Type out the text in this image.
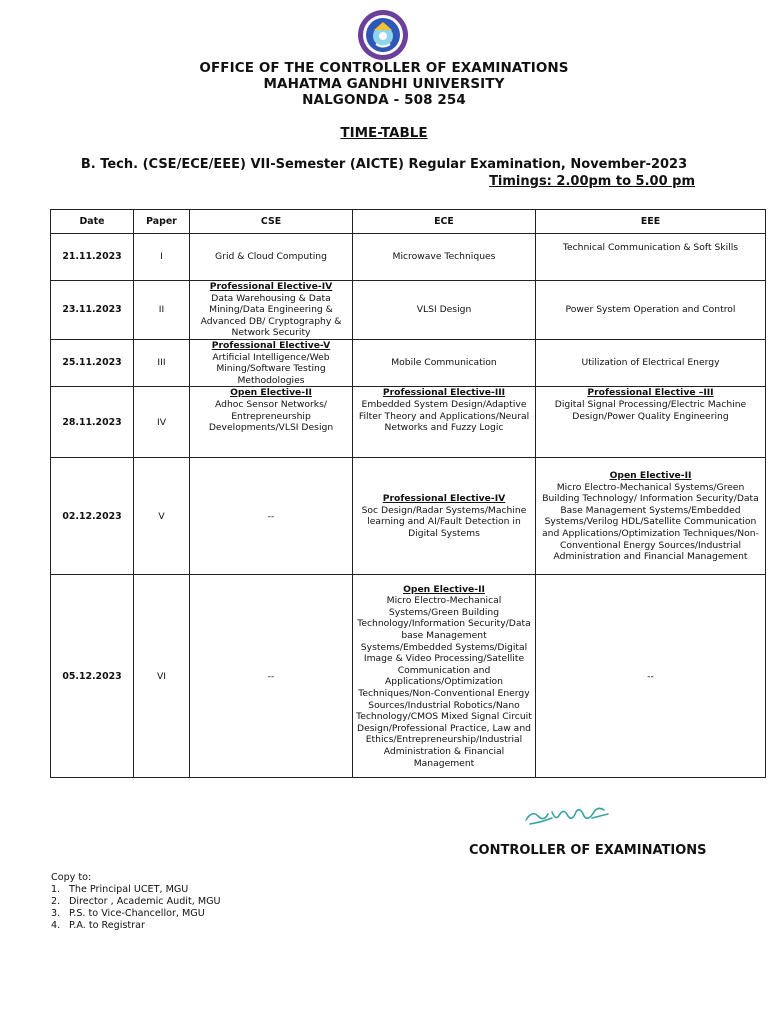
OFFICE OF THE CONTROLLER OF EXAMINATIONS
MAHATMA GANDHI UNIVERSITY
NALGONDA - 508 254
TIME-TABLE
B. Tech. (CSE/ECE/EEE) VII-Semester (AICTE) Regular Examination, November-2023
Timings: 2.00pm to 5.00 pm
Date	Paper	CSE	ECE	EEE
21.11.2023	I	Grid & Cloud Computing	Microwave Techniques	Technical Communication & Soft Skills
23.11.2023	II	Professional Elective-IV
Data Warehousing & Data Mining/Data Engineering & Advanced DB/ Cryptography & Network Security	VLSI Design	Power System Operation and Control
25.11.2023	III	Professional Elective-V
Artificial Intelligence/Web Mining/Software Testing Methodologies	Mobile Communication	Utilization of Electrical Energy
28.11.2023	IV	Open Elective-II
Adhoc Sensor Networks/ Entrepreneurship Developments/VLSI Design	Professional Elective-III
Embedded System Design/Adaptive Filter Theory and Applications/Neural Networks and Fuzzy Logic	Professional Elective –III
Digital Signal Processing/Electric Machine Design/Power Quality Engineering
02.12.2023	V	--	Professional Elective-IV
Soc Design/Radar Systems/Machine learning and AI/Fault Detection in Digital Systems	Open Elective-II
Micro Electro-Mechanical Systems/Green Building Technology/ Information Security/Data Base Management Systems/Embedded Systems/Verilog HDL/Satellite Communication and Applications/Optimization Techniques/Non-Conventional Energy Sources/Industrial Administration and Financial Management
05.12.2023	VI	--	Open Elective-II
Micro Electro-Mechanical Systems/Green Building Technology/Information Security/Data base Management Systems/Embedded Systems/Digital Image & Video Processing/Satellite Communication and Applications/Optimization Techniques/Non-Conventional Energy Sources/Industrial Robotics/Nano Technology/CMOS Mixed Signal Circuit Design/Professional Practice, Law and Ethics/Entrepreneurship/Industrial Administration & Financial Management	--
CONTROLLER OF EXAMINATIONS
Copy to:
1. The Principal UCET, MGU
2. Director , Academic Audit, MGU
3. P.S. to Vice-Chancellor, MGU
4. P.A. to Registrar
